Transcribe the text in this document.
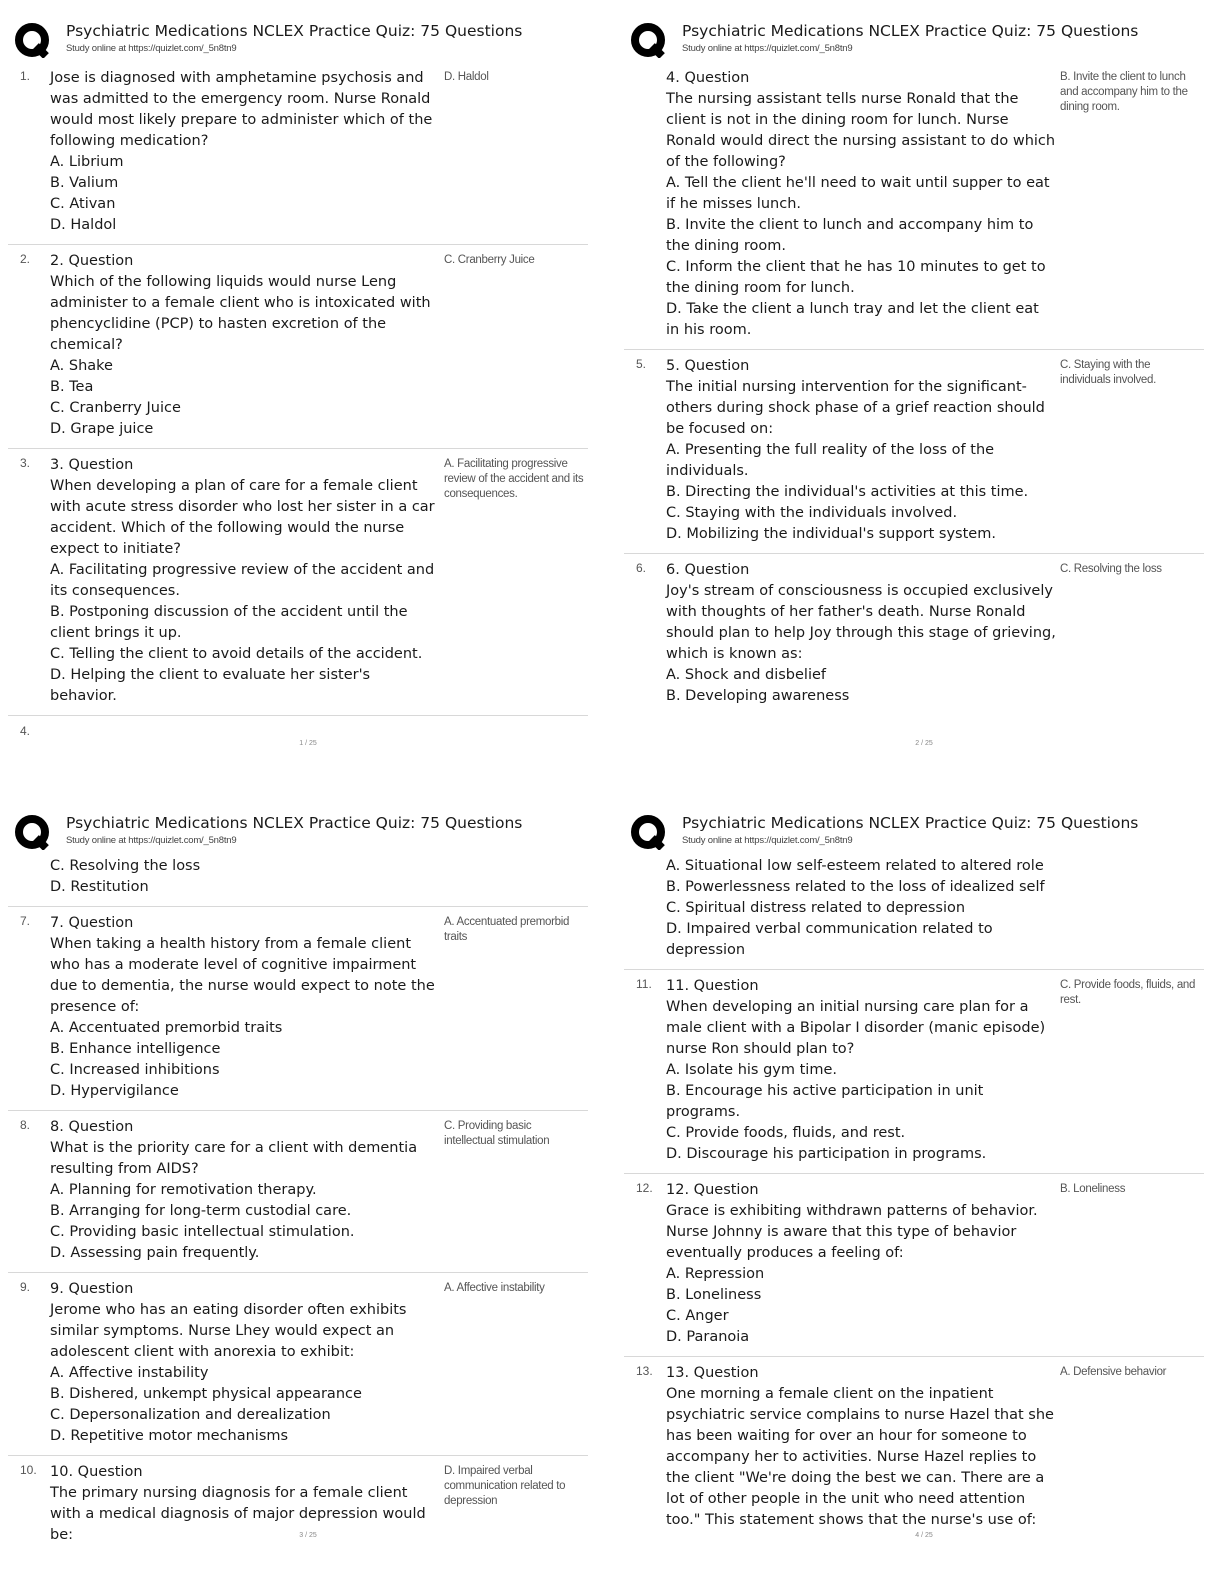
Psychiatric Medications NCLEX Practice Quiz: 75 Questions
Study online at https://quizlet.com/_5n8tn9
1. Jose is diagnosed with amphetamine psychosis and was admitted to the emergency room. Nurse Ronald would most likely prepare to administer which of the following medication?
A. Librium
B. Valium
C. Ativan
D. Haldol
D. Haldol
2. 2. Question
Which of the following liquids would nurse Leng administer to a female client who is intoxicated with phencyclidine (PCP) to hasten excretion of the chemical?
A. Shake
B. Tea
C. Cranberry Juice
D. Grape juice
C. Cranberry Juice
3. 3. Question
When developing a plan of care for a female client with acute stress disorder who lost her sister in a car accident. Which of the following would the nurse expect to initiate?
A. Facilitating progressive review of the accident and its consequences.
B. Postponing discussion of the accident until the client brings it up.
C. Telling the client to avoid details of the accident.
D. Helping the client to evaluate her sister's behavior.
A. Facilitating progressive review of the accident and its consequences.
4.
1 / 25
Psychiatric Medications NCLEX Practice Quiz: 75 Questions
Study online at https://quizlet.com/_5n8tn9
4. Question
The nursing assistant tells nurse Ronald that the client is not in the dining room for lunch. Nurse Ronald would direct the nursing assistant to do which of the following?
A. Tell the client he'll need to wait until supper to eat if he misses lunch.
B. Invite the client to lunch and accompany him to the dining room.
C. Inform the client that he has 10 minutes to get to the dining room for lunch.
D. Take the client a lunch tray and let the client eat in his room.
B. Invite the client to lunch and accompany him to the dining room.
5. 5. Question
The initial nursing intervention for the significant-others during shock phase of a grief reaction should be focused on:
A. Presenting the full reality of the loss of the individuals.
B. Directing the individual's activities at this time.
C. Staying with the individuals involved.
D. Mobilizing the individual's support system.
C. Staying with the individuals involved.
6. 6. Question
Joy's stream of consciousness is occupied exclusively with thoughts of her father's death. Nurse Ronald should plan to help Joy through this stage of grieving, which is known as:
A. Shock and disbelief
B. Developing awareness
C. Resolving the loss
2 / 25
Psychiatric Medications NCLEX Practice Quiz: 75 Questions
Study online at https://quizlet.com/_5n8tn9
C. Resolving the loss
D. Restitution
7. 7. Question
When taking a health history from a female client who has a moderate level of cognitive impairment due to dementia, the nurse would expect to note the presence of:
A. Accentuated premorbid traits
B. Enhance intelligence
C. Increased inhibitions
D. Hypervigilance
A. Accentuated premorbid traits
8. 8. Question
What is the priority care for a client with dementia resulting from AIDS?
A. Planning for remotivation therapy.
B. Arranging for long-term custodial care.
C. Providing basic intellectual stimulation.
D. Assessing pain frequently.
C. Providing basic intellectual stimulation
9. 9. Question
Jerome who has an eating disorder often exhibits similar symptoms. Nurse Lhey would expect an adolescent client with anorexia to exhibit:
A. Affective instability
B. Dishered, unkempt physical appearance
C. Depersonalization and derealization
D. Repetitive motor mechanisms
A. Affective instability
10. 10. Question
The primary nursing diagnosis for a female client with a medical diagnosis of major depression would be:
D. Impaired verbal communication related to depression
3 / 25
Psychiatric Medications NCLEX Practice Quiz: 75 Questions
Study online at https://quizlet.com/_5n8tn9
A. Situational low self-esteem related to altered role
B. Powerlessness related to the loss of idealized self
C. Spiritual distress related to depression
D. Impaired verbal communication related to depression
11. 11. Question
When developing an initial nursing care plan for a male client with a Bipolar I disorder (manic episode) nurse Ron should plan to?
A. Isolate his gym time.
B. Encourage his active participation in unit programs.
C. Provide foods, fluids, and rest.
D. Discourage his participation in programs.
C. Provide foods, fluids, and rest.
12. 12. Question
Grace is exhibiting withdrawn patterns of behavior. Nurse Johnny is aware that this type of behavior eventually produces a feeling of:
A. Repression
B. Loneliness
C. Anger
D. Paranoia
B. Loneliness
13. 13. Question
One morning a female client on the inpatient psychiatric service complains to nurse Hazel that she has been waiting for over an hour for someone to accompany her to activities. Nurse Hazel replies to the client "We're doing the best we can. There are a lot of other people in the unit who need attention too." This statement shows that the nurse's use of:
A. Defensive behavior
4 / 25
